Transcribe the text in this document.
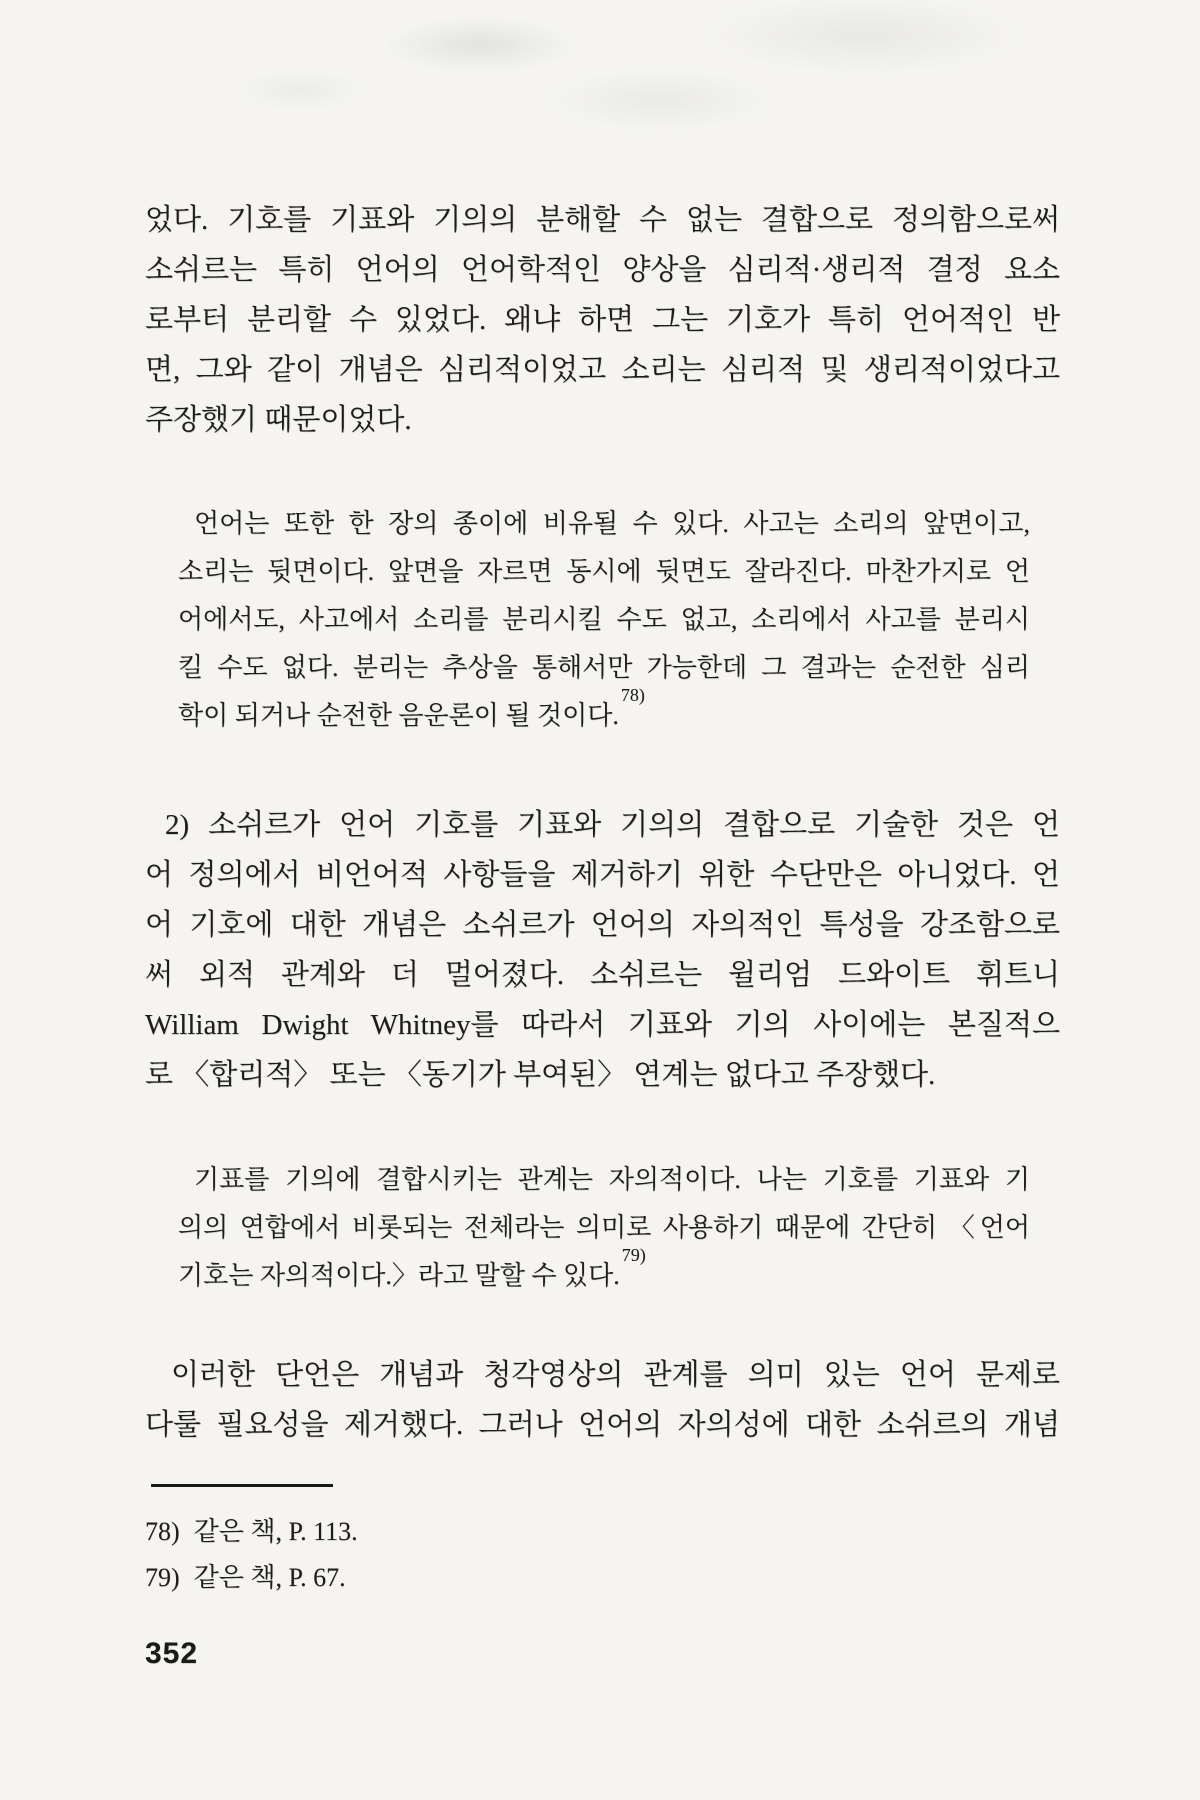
었다. 기호를 기표와 기의의 분해할 수 없는 결합으로 정의함으로써
소쉬르는 특히 언어의 언어학적인 양상을 심리적·생리적 결정 요소
로부터 분리할 수 있었다. 왜냐 하면 그는 기호가 특히 언어적인 반
면, 그와 같이 개념은 심리적이었고 소리는 심리적 및 생리적이었다고
주장했기 때문이었다.
언어는 또한 한 장의 종이에 비유될 수 있다. 사고는 소리의 앞면이고,
소리는 뒷면이다. 앞면을 자르면 동시에 뒷면도 잘라진다. 마찬가지로 언
어에서도, 사고에서 소리를 분리시킬 수도 없고, 소리에서 사고를 분리시
킬 수도 없다. 분리는 추상을 통해서만 가능한데 그 결과는 순전한 심리
학이 되거나 순전한 음운론이 될 것이다.$^{78)}$
2) 소쉬르가 언어 기호를 기표와 기의의 결합으로 기술한 것은 언
어 정의에서 비언어적 사항들을 제거하기 위한 수단만은 아니었다. 언
어 기호에 대한 개념은 소쉬르가 언어의 자의적인 특성을 강조함으로
써 외적 관계와 더 멀어졌다. 소쉬르는 윌리엄 드와이트 휘트니
William Dwight Whitney를 따라서 기표와 기의 사이에는 본질적으
로 〈합리적〉 또는 〈동기가 부여된〉 연계는 없다고 주장했다.
기표를 기의에 결합시키는 관계는 자의적이다. 나는 기호를 기표와 기
의의 연합에서 비롯되는 전체라는 의미로 사용하기 때문에 간단히 〈언어
기호는 자의적이다.〉라고 말할 수 있다.$^{79)}$
이러한 단언은 개념과 청각영상의 관계를 의미 있는 언어 문제로
다룰 필요성을 제거했다. 그러나 언어의 자의성에 대한 소쉬르의 개념
78) 같은 책, P. 113.
79) 같은 책, P. 67.
352
